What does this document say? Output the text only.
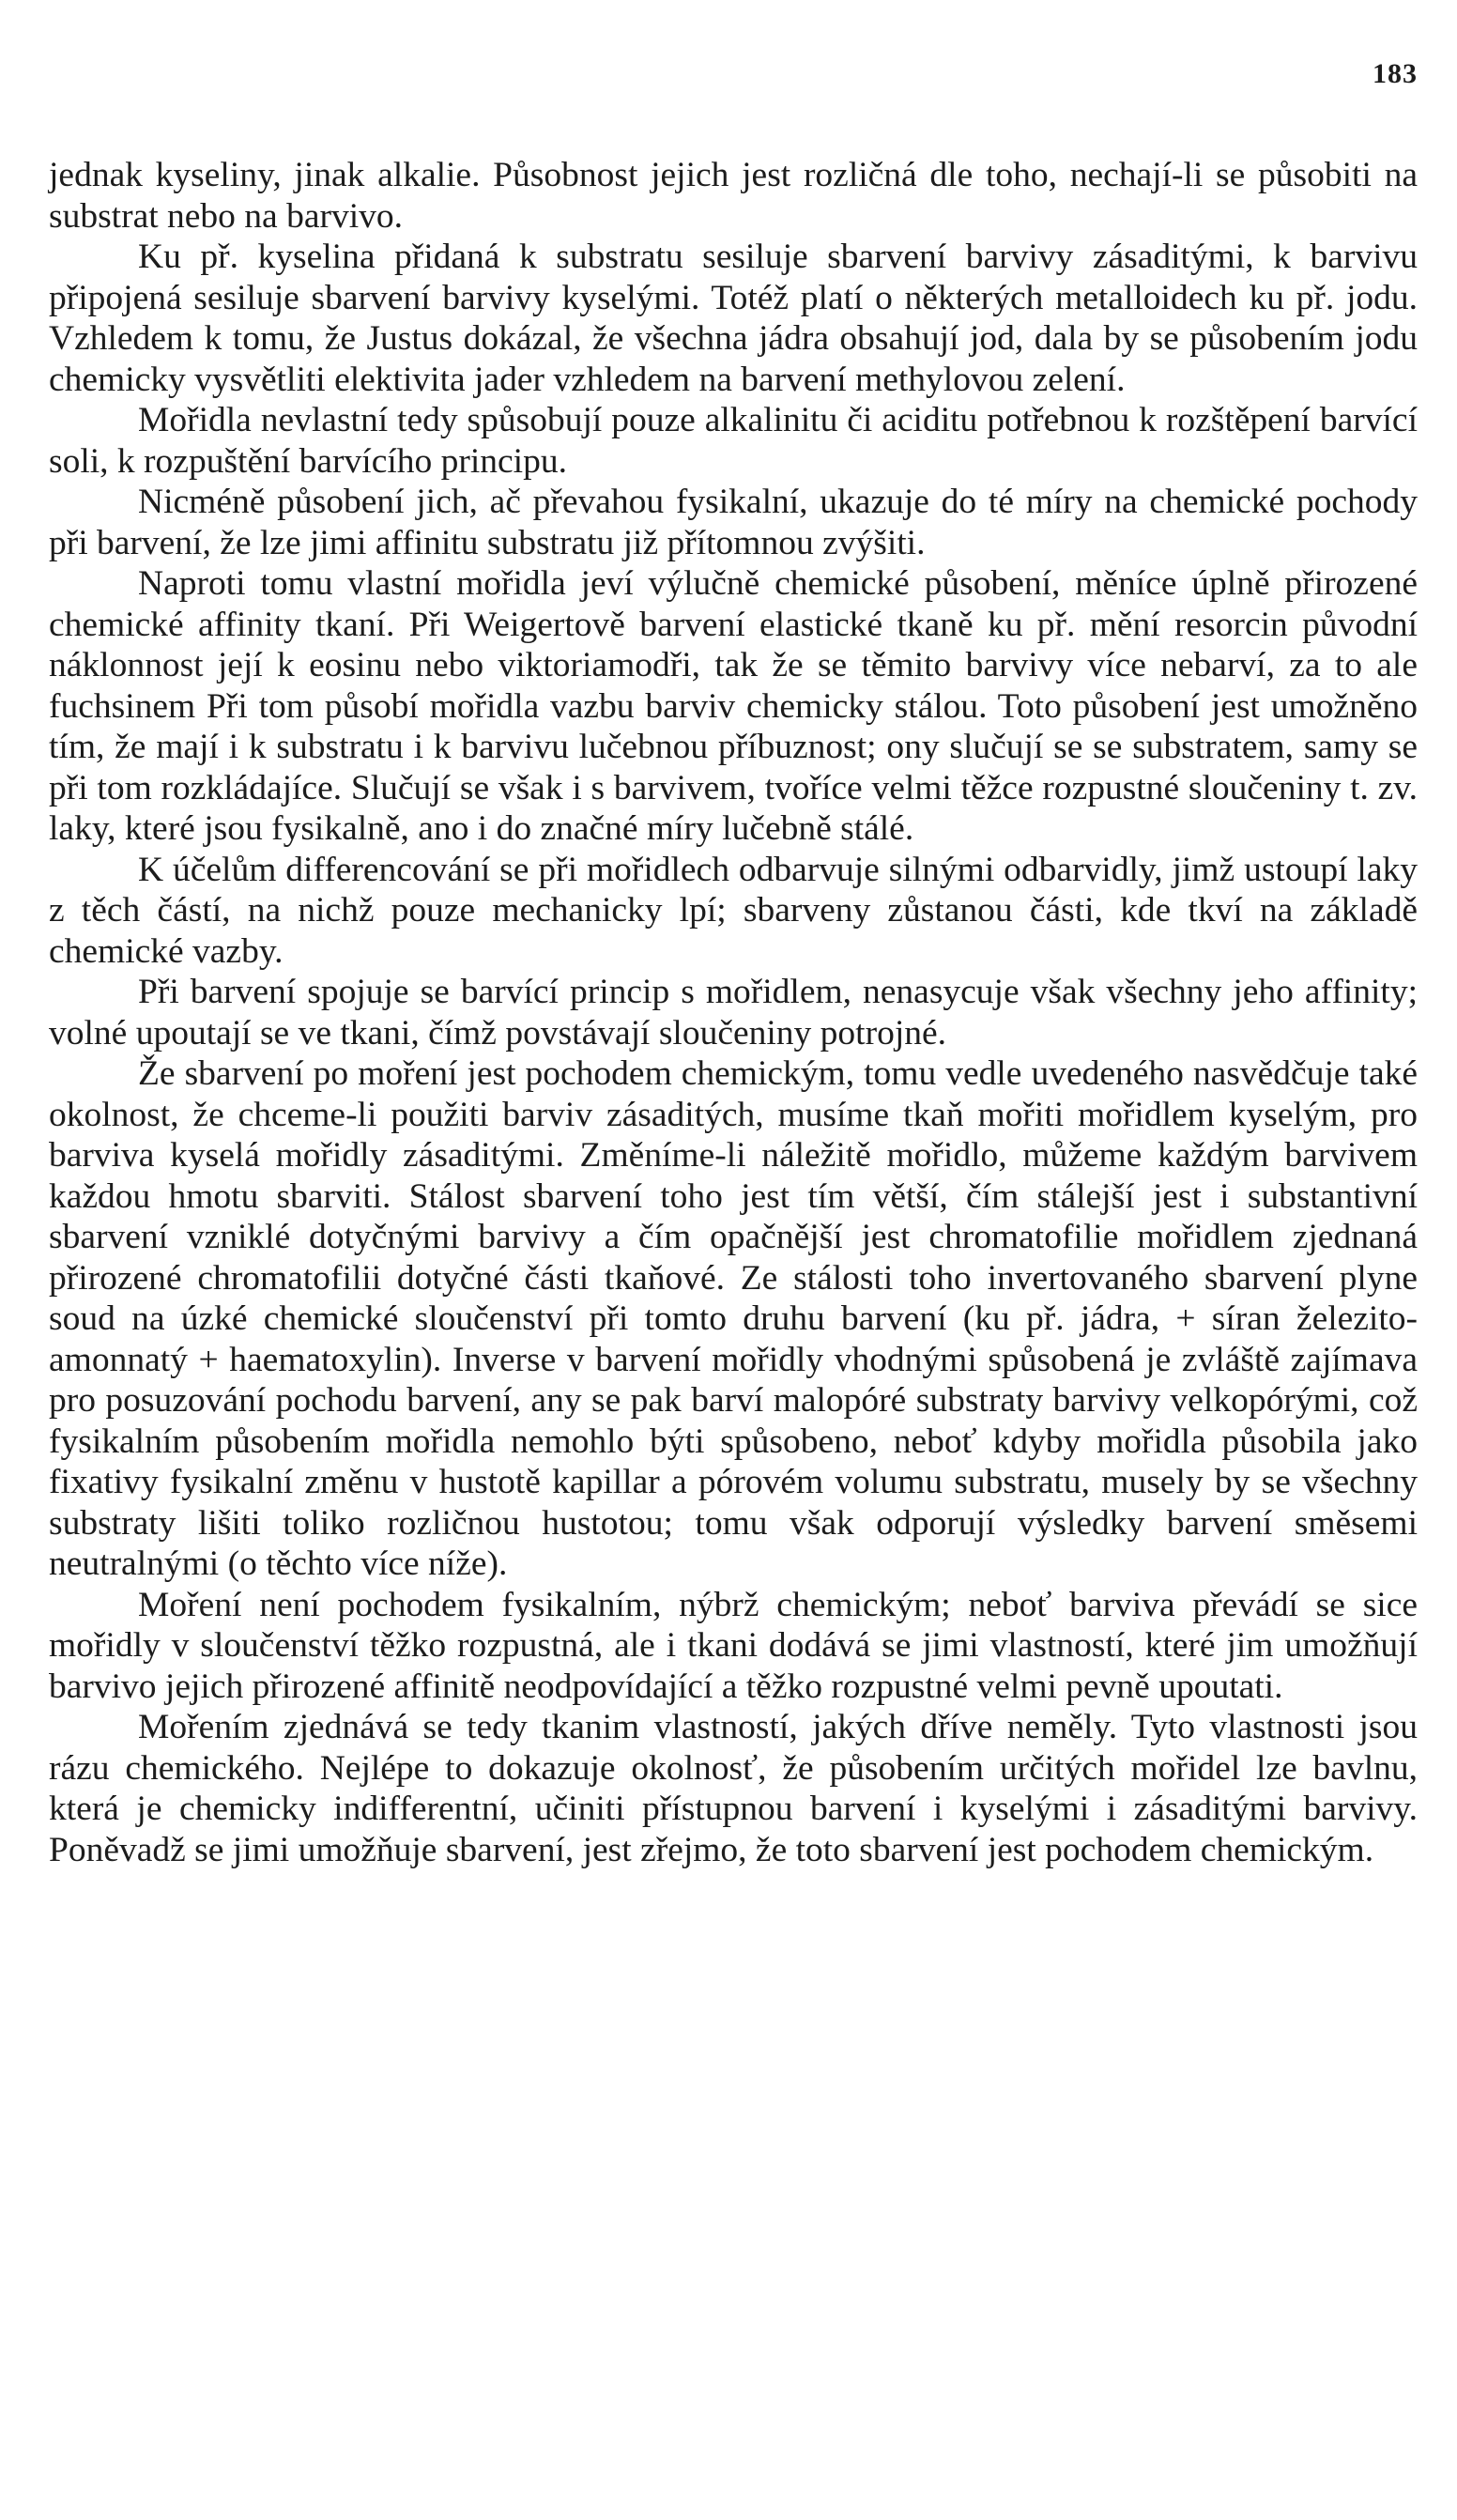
183

jednak kyseliny, jinak alkalie. Působnost jejich jest rozličná dle toho, nechají-li se působiti na substrat nebo na barvivo.

Ku př. kyselina přidaná k substratu sesiluje sbarvení barvivy zásaditými, k barvivu připojená sesiluje sbarvení barvivy kyselými. Totéž platí o některých metalloidech ku př. jodu. Vzhledem k tomu, že Justus dokázal, že všechna jádra obsahují jod, dala by se působením jodu chemicky vysvětliti elektivita jader vzhledem na barvení methylovou zelení.

Mořidla nevlastní tedy spůsobují pouze alkalinitu či aciditu potřebnou k rozštěpení barvící soli, k rozpuštění barvícího principu.

Nicméně působení jich, ač převahou fysikalní, ukazuje do té míry na chemické pochody při barvení, že lze jimi affinitu substratu již přítomnou zvýšiti.

Naproti tomu vlastní mořidla jeví výlučně chemické působení, měníce úplně přirozené chemické affinity tkaní. Při Weigertově barvení elastické tkaně ku př. mění resorcin původní náklonnost její k eosinu nebo viktoriamodři, tak že se těmito barvivy více nebarví, za to ale fuchsinem Při tom působí mořidla vazbu barviv chemicky stálou. Toto působení jest umožněno tím, že mají i k substratu i k barvivu lučebnou příbuznost; ony slučují se se substratem, samy se při tom rozkládajíce. Slučují se však i s barvivem, tvoříce velmi těžce rozpustné sloučeniny t. zv. laky, které jsou fysikalně, ano i do značné míry lučebně stálé.

K účelům differencování se při mořidlech odbarvuje silnými odbarvidly, jimž ustoupí laky z těch částí, na nichž pouze mechanicky lpí; sbarveny zůstanou části, kde tkví na základě chemické vazby.

Při barvení spojuje se barvící princip s mořidlem, nenasycuje však všechny jeho affinity; volné upoutají se ve tkani, čímž povstávají sloučeniny potrojné.

Že sbarvení po moření jest pochodem chemickým, tomu vedle uvedeného nasvědčuje také okolnost, že chceme-li použiti barviv zásaditých, musíme tkaň mořiti mořidlem kyselým, pro barviva kyselá mořidly zásaditými. Změníme-li náležitě mořidlo, můžeme každým barvivem každou hmotu sbarviti. Stálost sbarvení toho jest tím větší, čím stálejší jest i substantivní sbarvení vzniklé dotyčnými barvivy a čím opačnější jest chromatofilie mořidlem zjednaná přirozené chromatofilii dotyčné části tkaňové. Ze stálosti toho invertovaného sbarvení plyne soud na úzké chemické sloučenství při tomto druhu barvení (ku př. jádra, + síran železito-amonnatý + haematoxylin). Inverse v barvení mořidly vhodnými spůsobená je zvláště zajímava pro posuzování pochodu barvení, any se pak barví malopóré substraty barvivy velkopórými, což fysikalním působením mořidla nemohlo býti spůsobeno, neboť kdyby mořidla působila jako fixativy fysikalní změnu v hustotě kapillar a pórovém volumu substratu, musely by se všechny substraty lišiti toliko rozličnou hustotou; tomu však odporují výsledky barvení směsemi neutralnými (o těchto více níže).

Moření není pochodem fysikalním, nýbrž chemickým; neboť barviva převádí se sice mořidly v sloučenství těžko rozpustná, ale i tkani dodává se jimi vlastností, které jim umožňují barvivo jejich přirozené affinitě neodpovídající a těžko rozpustné velmi pevně upoutati.

Mořením zjednává se tedy tkanim vlastností, jakých dříve neměly. Tyto vlastnosti jsou rázu chemického. Nejlépe to dokazuje okolnosť, že působením určitých mořidel lze bavlnu, která je chemicky indifferentní, učiniti přístupnou barvení i kyselými i zásaditými barvivy. Poněvadž se jimi umožňuje sbarvení, jest zřejmo, že toto sbarvení jest pochodem chemickým.
